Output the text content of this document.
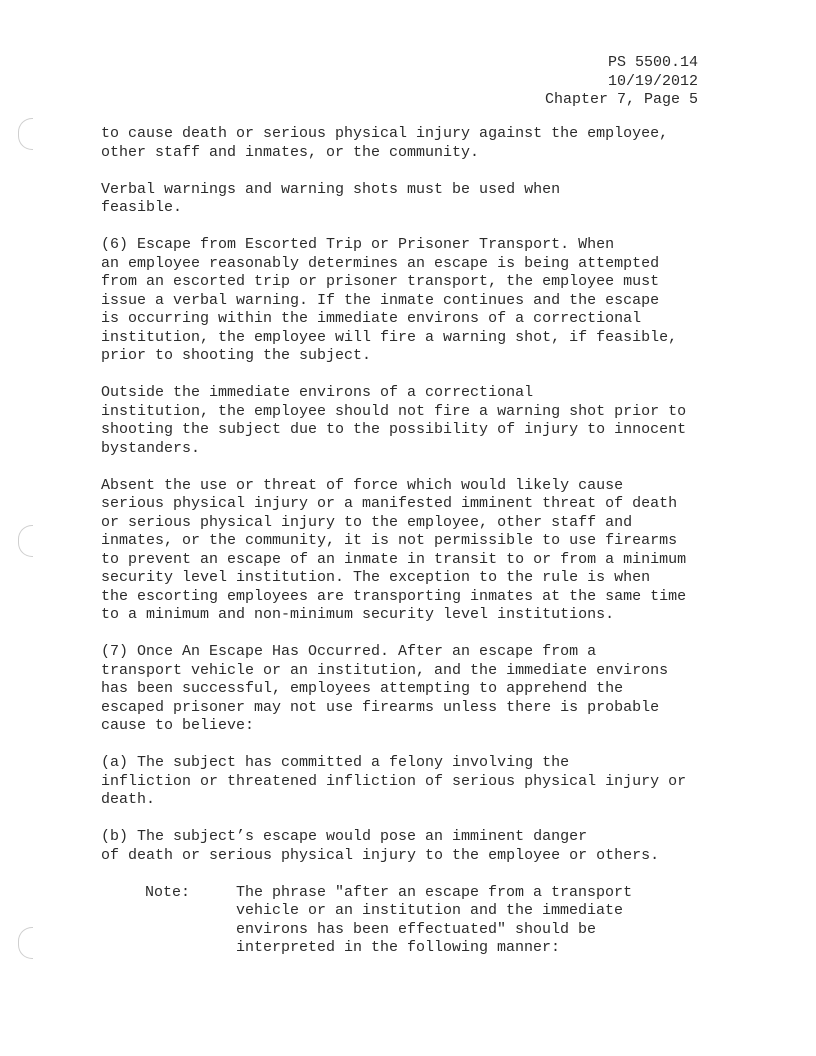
PS 5500.14
10/19/2012
Chapter 7, Page 5

to cause death or serious physical injury against the employee,
other staff and inmates, or the community.

Verbal warnings and warning shots must be used when
feasible.

(6) Escape from Escorted Trip or Prisoner Transport. When
an employee reasonably determines an escape is being attempted
from an escorted trip or prisoner transport, the employee must
issue a verbal warning. If the inmate continues and the escape
is occurring within the immediate environs of a correctional
institution, the employee will fire a warning shot, if feasible,
prior to shooting the subject.

Outside the immediate environs of a correctional
institution, the employee should not fire a warning shot prior to
shooting the subject due to the possibility of injury to innocent
bystanders.

Absent the use or threat of force which would likely cause
serious physical injury or a manifested imminent threat of death
or serious physical injury to the employee, other staff and
inmates, or the community, it is not permissible to use firearms
to prevent an escape of an inmate in transit to or from a minimum
security level institution. The exception to the rule is when
the escorting employees are transporting inmates at the same time
to a minimum and non-minimum security level institutions.

(7) Once An Escape Has Occurred. After an escape from a
transport vehicle or an institution, and the immediate environs
has been successful, employees attempting to apprehend the
escaped prisoner may not use firearms unless there is probable
cause to believe:

(a) The subject has committed a felony involving the
infliction or threatened infliction of serious physical injury or
death.

(b) The subject’s escape would pose an imminent danger
of death or serious physical injury to the employee or others.

Note:	The phrase "after an escape from a transport
vehicle or an institution and the immediate
environs has been effectuated" should be
interpreted in the following manner:
